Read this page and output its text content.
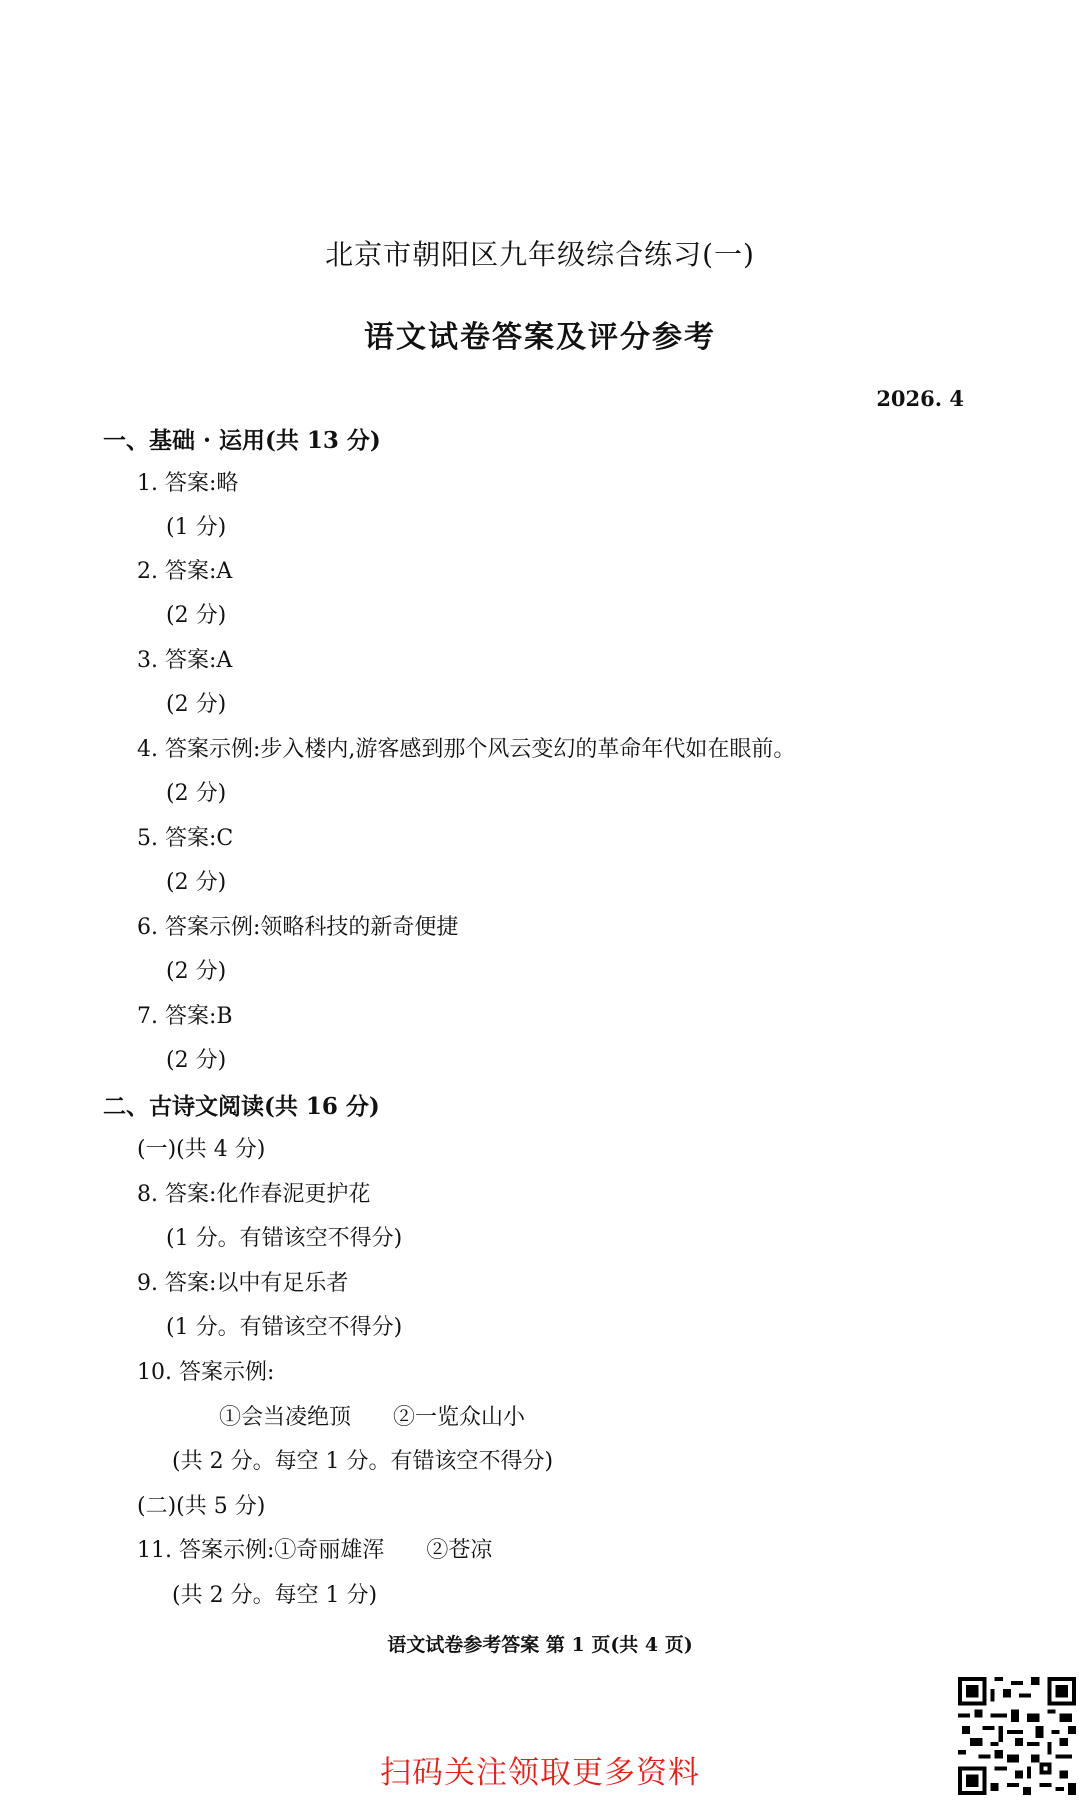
北京市朝阳区九年级综合练习(一)
语文试卷答案及评分参考
2026. 4
一、基础 · 运用(共 13 分)
1. 答案:略
(1 分)
2. 答案:A
(2 分)
3. 答案:A
(2 分)
4. 答案示例:步入楼内,游客感到那个风云变幻的革命年代如在眼前。
(2 分)
5. 答案:C
(2 分)
6. 答案示例:领略科技的新奇便捷
(2 分)
7. 答案:B
(2 分)
二、古诗文阅读(共 16 分)
(一)(共 4 分)
8. 答案:化作春泥更护花
(1 分。有错该空不得分)
9. 答案:以中有足乐者
(1 分。有错该空不得分)
10. 答案示例:
①会当凌绝顶      ②一览众山小
(共 2 分。每空 1 分。有错该空不得分)
(二)(共 5 分)
11. 答案示例:①奇丽雄浑      ②苍凉
(共 2 分。每空 1 分)
语文试卷参考答案 第 1 页(共 4 页)
扫码关注领取更多资料
